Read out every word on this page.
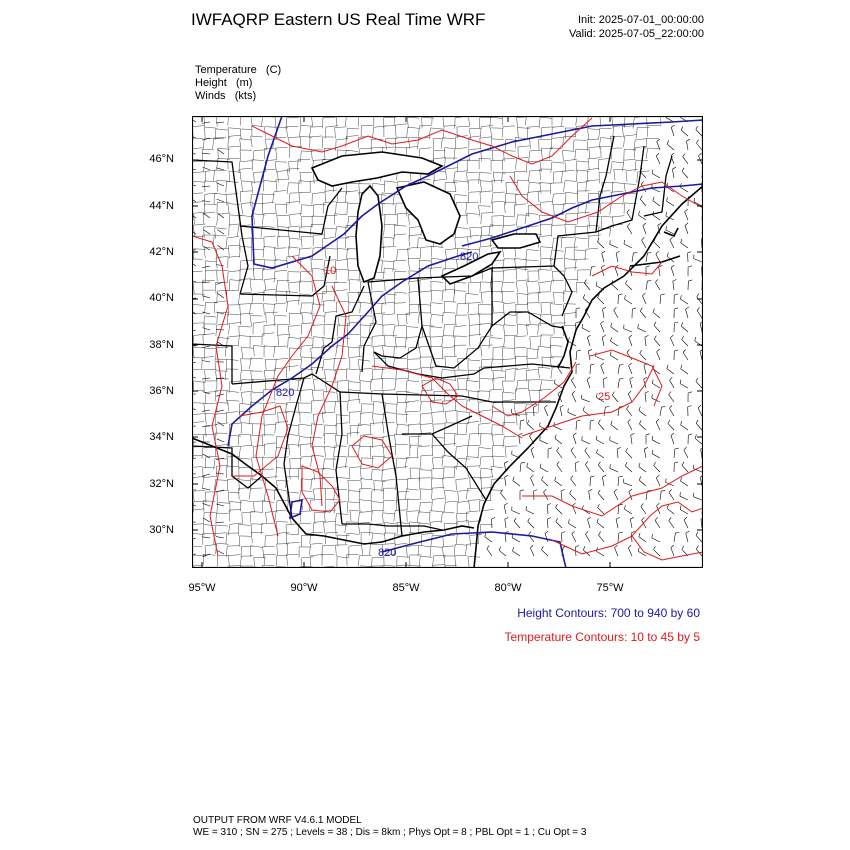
IWFAQRP Eastern US Real Time WRF	Init: 2025-07-01_00:00:00
Valid: 2025-07-05_22:00:00
Temperature   (C)
Height   (m)
Winds   (kts)
820
820
820
10
25
46°N
44°N
42°N
40°N
38°N
36°N
34°N
32°N
30°N
95°W	90°W	85°W	80°W	75°W
Height Contours: 700 to 940 by 60
Temperature Contours: 10 to 45 by 5
OUTPUT FROM WRF V4.6.1 MODEL
WE = 310 ; SN = 275 ; Levels = 38 ; Dis = 8km ; Phys Opt = 8 ; PBL Opt = 1 ; Cu Opt = 3
